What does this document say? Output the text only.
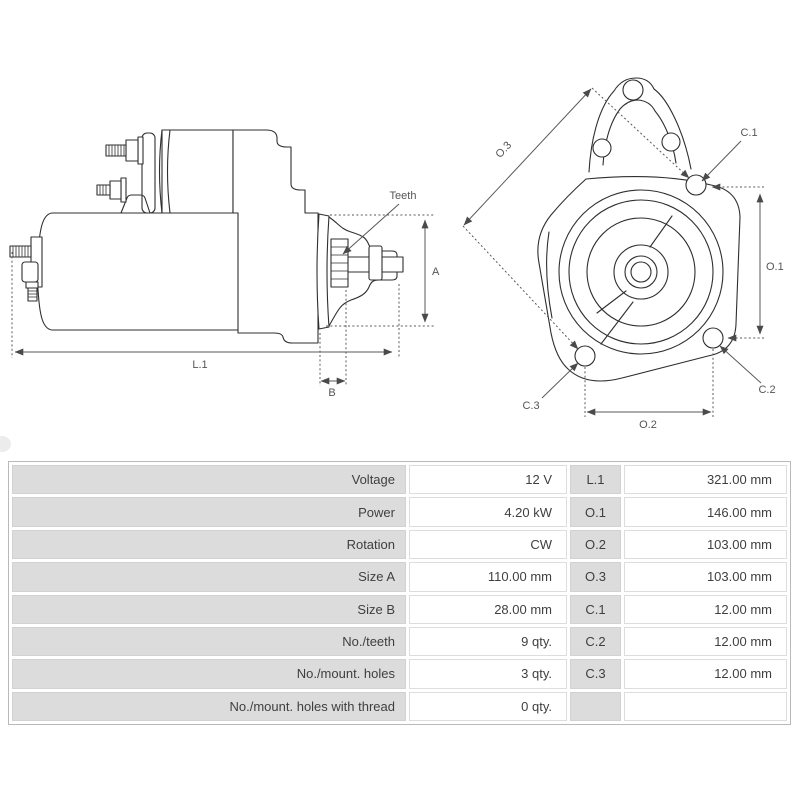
Teeth
A
L.1
B
O.3
O.1
O.2
C.1
C.2
C.3
Voltage	12 V	L.1	321.00 mm
Power	4.20 kW	O.1	146.00 mm
Rotation	CW	O.2	103.00 mm
Size A	110.00 mm	O.3	103.00 mm
Size B	28.00 mm	C.1	12.00 mm
No./teeth	9 qty.	C.2	12.00 mm
No./mount. holes	3 qty.	C.3	12.00 mm
No./mount. holes with thread	0 qty.
